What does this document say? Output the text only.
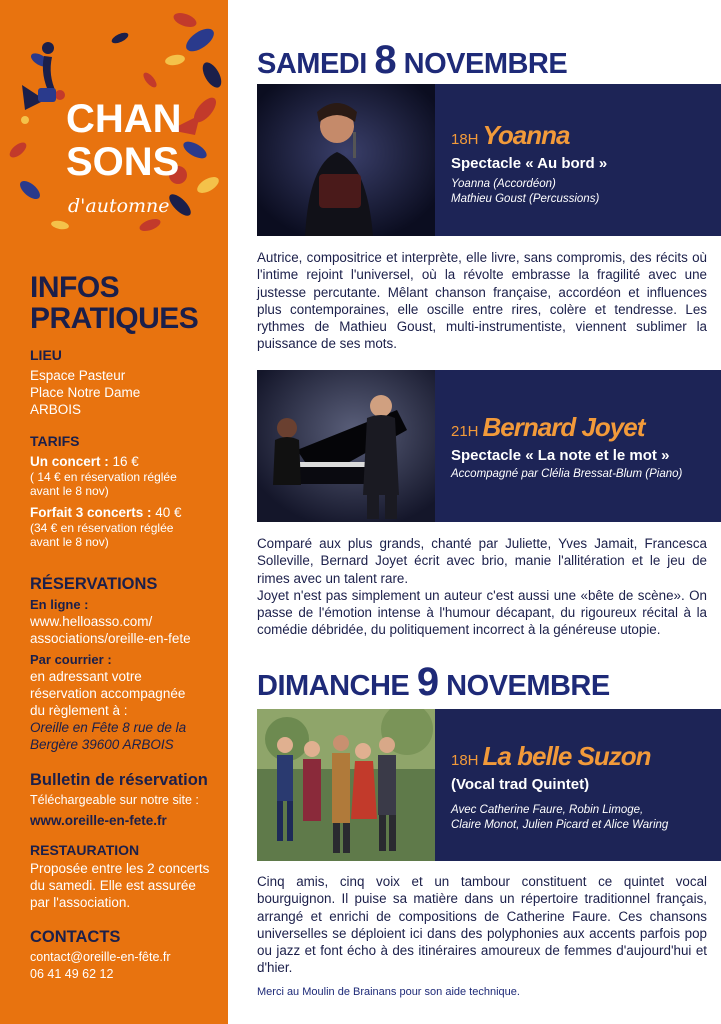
CHAN
SONS
d'automne
INFOS
PRATIQUES
LIEU
Espace Pasteur
Place Notre Dame
ARBOIS
TARIFS
Un concert : 16 €
( 14 € en réservation réglée
avant le 8 nov)
Forfait 3 concerts : 40 €
(34 € en réservation réglée
avant le 8 nov)
RÉSERVATIONS
En ligne :
www.helloasso.com/
associations/oreille-en-fete
Par courrier :
en adressant votre
réservation accompagnée
du règlement à :
Oreille en Fête 8 rue de la
Bergère 39600 ARBOIS
Bulletin de réservation
Téléchargeable sur notre site :
www.oreille-en-fete.fr
RESTAURATION
Proposée entre les 2 concerts
du samedi. Elle est assurée
par l'association.
CONTACTS
contact@oreille-en-fête.fr
06 41 49 62 12
SAMEDI 8 NOVEMBRE
18H Yoanna
Spectacle « Au bord »
Yoanna (Accordéon)
Mathieu Goust (Percussions)

Autrice, compositrice et interprète, elle livre, sans compromis, des récits où l'intime rejoint l'universel, où la révolte embrasse la fragilité avec une justesse percutante. Mêlant chanson française, accordéon et influences plus contemporaines, elle oscille entre rires, colère et tendresse. Les rythmes de Mathieu Goust, multi-instrumentiste, viennent sublimer la puissance de ses mots.

21H Bernard Joyet
Spectacle « La note et le mot »
Accompagné par Clélia Bressat-Blum (Piano)

Comparé aux plus grands, chanté par Juliette, Yves Jamait, Francesca Solleville, Bernard Joyet écrit avec brio, manie l'allitération et le jeu de rimes avec un talent rare.

Joyet n'est pas simplement un auteur c'est aussi une «bête de scène». On passe de l'émotion intense à l'humour décapant, du rigoureux récital à la comédie débridée, du politiquement incorrect à la généreuse utopie.

DIMANCHE 9 NOVEMBRE
18H La belle Suzon
(Vocal trad Quintet)
Avec Catherine Faure, Robin Limoge,
Claire Monot, Julien Picard et Alice Waring

Cinq amis, cinq voix et un tambour constituent ce quintet vocal bourguignon. Il puise sa matière dans un répertoire traditionnel français, arrangé et enrichi de compositions de Catherine Faure. Ces chansons universelles se déploient ici dans des polyphonies aux accents parfois pop ou jazz et font écho à des itinéraires amoureux de femmes d'aujourd'hui et d'hier.

Merci au Moulin de Brainans pour son aide technique.
